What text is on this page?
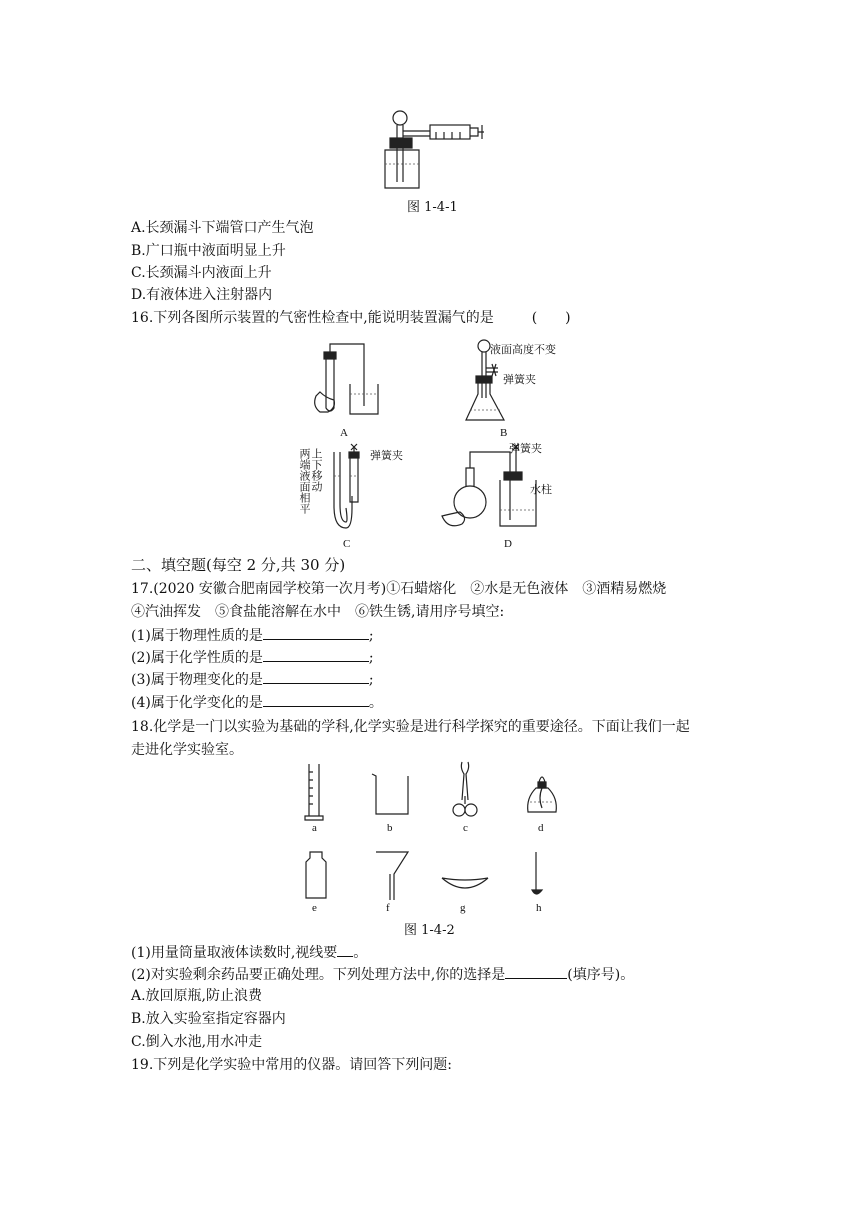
图 1-4-1
A.长颈漏斗下端管口产生气泡
B.广口瓶中液面明显上升
C.长颈漏斗内液面上升
D.有液体进入注射器内
16.下列各图所示装置的气密性检查中,能说明装置漏气的是	(　　)
A
液面高度不变
弹簧夹
B
两端液面相平 上下移动	弹簧夹
C
弹簧夹
水柱
D
二、填空题(每空 2 分,共 30 分)
17.(2020 安徽合肥南园学校第一次月考)①石蜡熔化　②水是无色液体　③酒精易燃烧
④汽油挥发　⑤食盐能溶解在水中　⑥铁生锈,请用序号填空:
(1)属于物理性质的是	;
(2)属于化学性质的是	;
(3)属于物理变化的是	;
(4)属于化学变化的是	。
18.化学是一门以实验为基础的学科,化学实验是进行科学探究的重要途径。下面让我们一起
走进化学实验室。
a	b	c	d
e	f	g	h
图 1-4-2
(1)用量筒量取液体读数时,视线要 。
(2)对实验剩余药品要正确处理。下列处理方法中,你的选择是	(填序号)。
A.放回原瓶,防止浪费
B.放入实验室指定容器内
C.倒入水池,用水冲走
19.下列是化学实验中常用的仪器。请回答下列问题:
